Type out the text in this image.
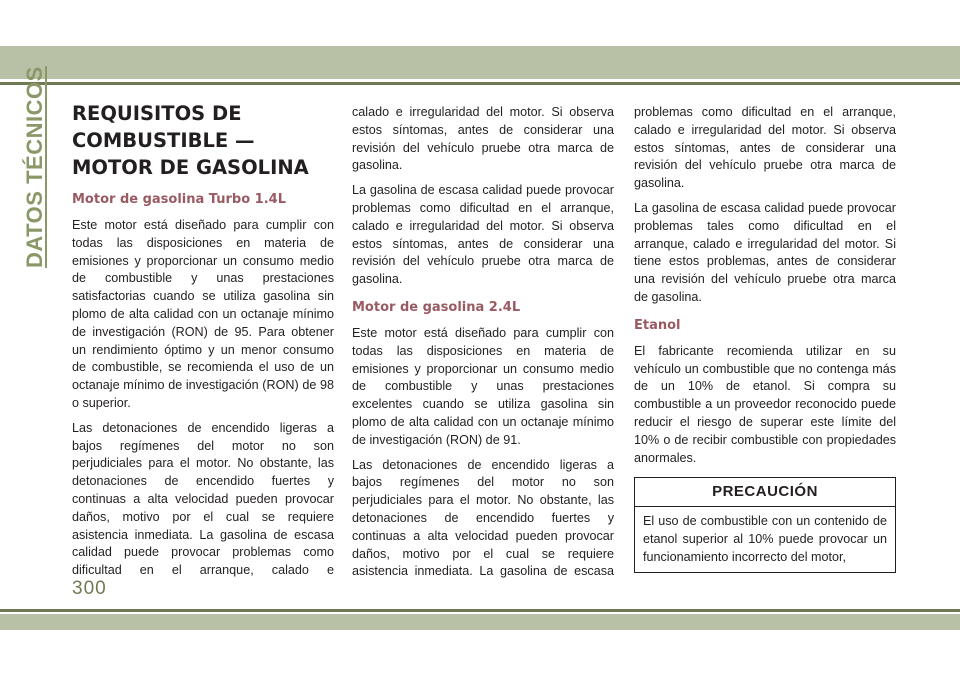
DATOS TÉCNICOS REQUISITOS DE COMBUSTIBLE — MOTOR DE GASOLINA
Motor de gasolina Turbo 1.4L

Este motor está diseñado para cumplir con todas las disposiciones en materia de emisiones y proporcionar un consumo medio de combustible y unas prestaciones satisfactorias cuando se utiliza gasolina sin plomo de alta calidad con un octanaje mínimo de investigación (RON) de 95. Para obtener un rendimiento óptimo y un menor consumo de combustible, se recomienda el uso de un octanaje mínimo de investigación (RON) de 98 o superior.

Las detonaciones de encendido ligeras a bajos regímenes del motor no son perjudiciales para el motor. No obstante, las detonaciones de encendido fuertes y continuas a alta velocidad pueden provocar daños, motivo por el cual se requiere asistencia inmediata. La gasolina de escasa calidad puede provocar problemas como dificultad en el arranque, calado e

calado e irregularidad del motor. Si observa estos síntomas, antes de considerar una revisión del vehículo pruebe otra marca de gasolina.

La gasolina de escasa calidad puede provocar problemas como dificultad en el arranque, calado e irregularidad del motor. Si observa estos síntomas, antes de considerar una revisión del vehículo pruebe otra marca de gasolina.

Motor de gasolina 2.4L

Este motor está diseñado para cumplir con todas las disposiciones en materia de emisiones y proporcionar un consumo medio de combustible y unas prestaciones excelentes cuando se utiliza gasolina sin plomo de alta calidad con un octanaje mínimo de investigación (RON) de 91.

Las detonaciones de encendido ligeras a bajos regímenes del motor no son perjudiciales para el motor. No obstante, las detonaciones de encendido fuertes y continuas a alta velocidad pueden provocar daños, motivo por el cual se requiere asistencia inmediata. La gasolina de escasa

problemas como dificultad en el arranque, calado e irregularidad del motor. Si observa estos síntomas, antes de considerar una revisión del vehículo pruebe otra marca de gasolina.

La gasolina de escasa calidad puede provocar problemas tales como dificultad en el arranque, calado e irregularidad del motor. Si tiene estos problemas, antes de considerar una revisión del vehículo pruebe otra marca de gasolina.

Etanol

El fabricante recomienda utilizar en su vehículo un combustible que no contenga más de un 10% de etanol. Si compra su combustible a un proveedor reconocido puede reducir el riesgo de superar este límite del 10% o de recibir combustible con propiedades anormales.

PRECAUCIÓN

El uso de combustible con un contenido de etanol superior al 10% puede provocar un funcionamiento incorrecto del motor,

300
